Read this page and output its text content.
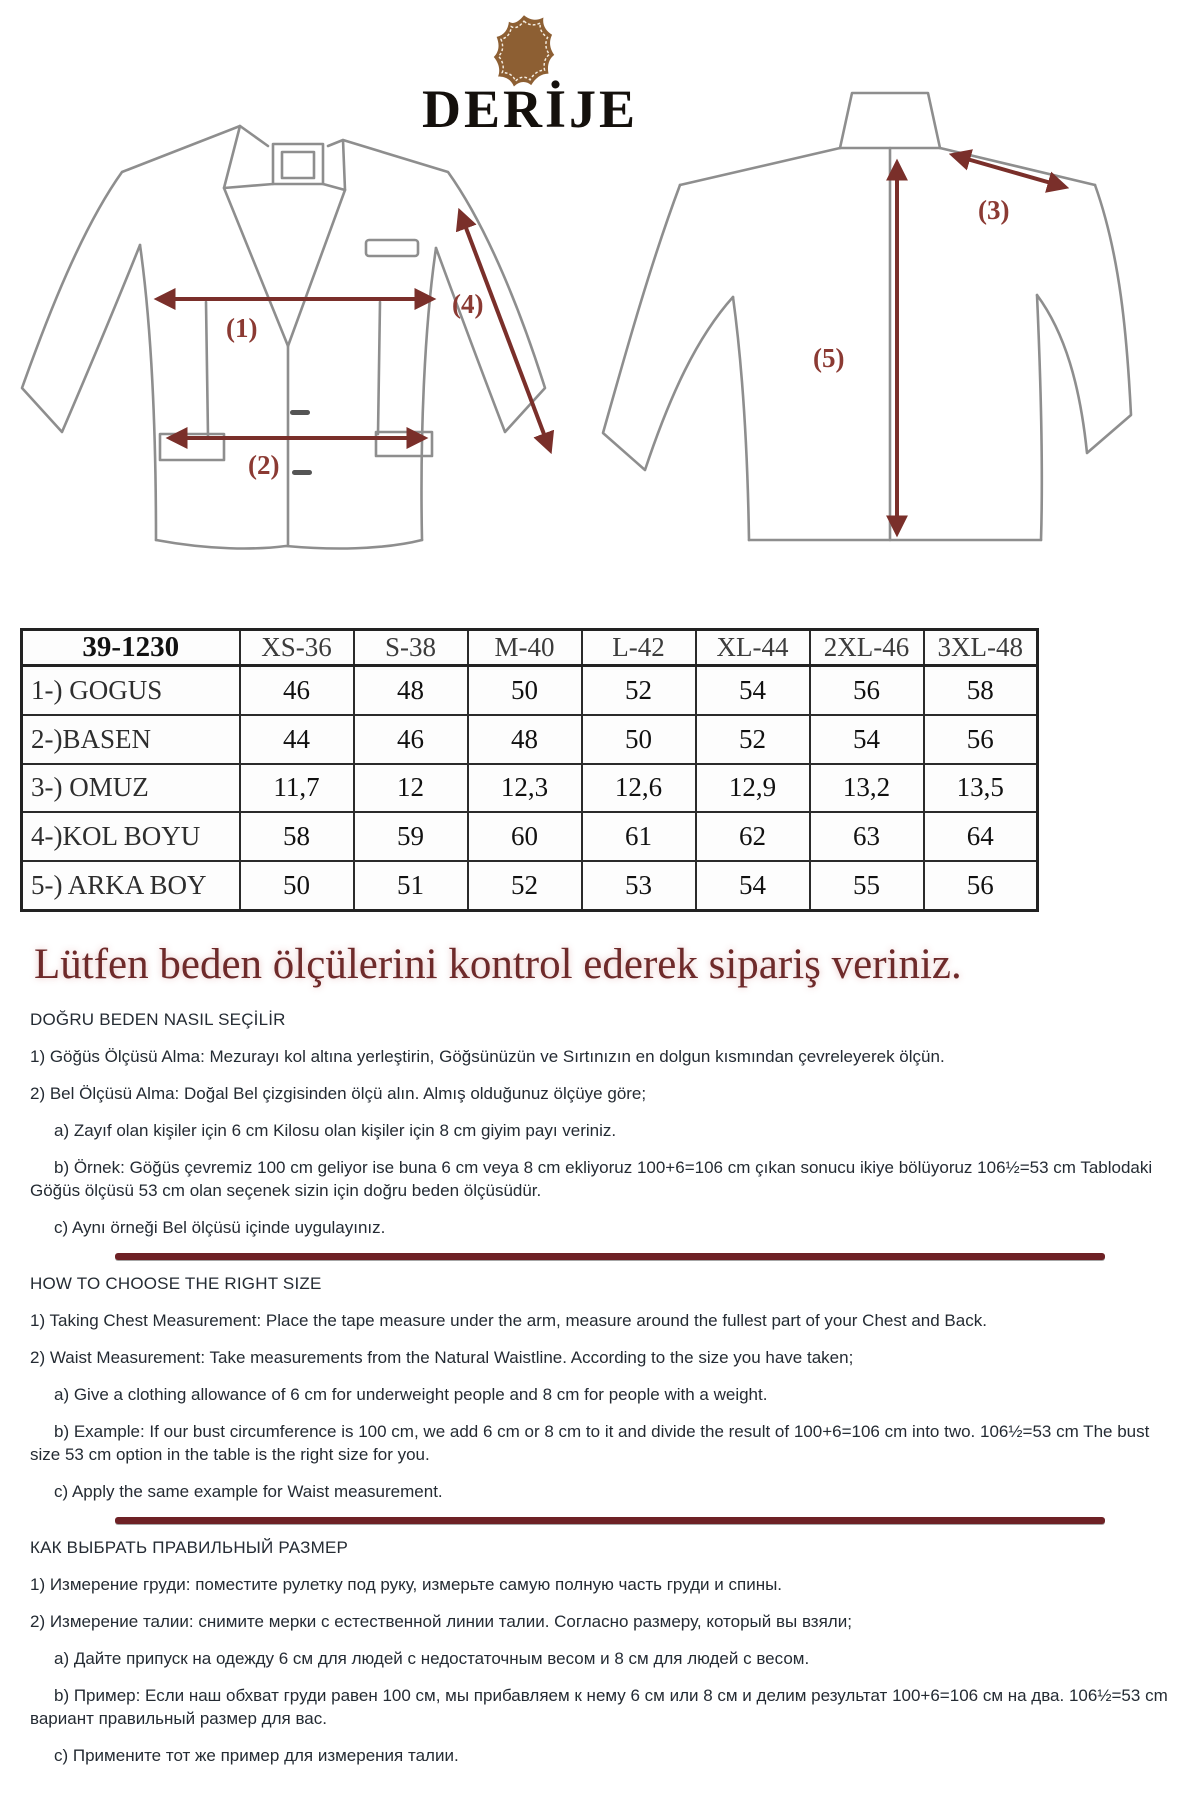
DERİJE
(1)
(2)
(4)
(3)
(5)
39-1230	XS-36	S-38	M-40	L-42	XL-44	2XL-46	3XL-48
1-) GOGUS	46	48	50	52	54	56	58
2-)BASEN	44	46	48	50	52	54	56
3-) OMUZ	11,7	12	12,3	12,6	12,9	13,2	13,5
4-)KOL BOYU	58	59	60	61	62	63	64
5-) ARKA BOY	50	51	52	53	54	55	56
Lütfen beden ölçülerini kontrol ederek sipariş veriniz.

DOĞRU BEDEN NASIL SEÇİLİR

1) Göğüs Ölçüsü Alma: Mezurayı kol altına yerleştirin, Göğsünüzün ve Sırtınızın en dolgun kısmından çevreleyerek ölçün.

2) Bel Ölçüsü Alma: Doğal Bel çizgisinden ölçü alın. Almış olduğunuz ölçüye göre;

a) Zayıf olan kişiler için 6 cm Kilosu olan kişiler için 8 cm giyim payı veriniz.

b) Örnek: Göğüs çevremiz 100 cm geliyor ise buna 6 cm veya 8 cm ekliyoruz 100+6=106 cm çıkan sonucu ikiye bölüyoruz 106½=53 cm Tablodaki Göğüs ölçüsü 53 cm olan seçenek sizin için doğru beden ölçüsüdür.

c) Aynı örneği Bel ölçüsü içinde uygulayınız.

HOW TO CHOOSE THE RIGHT SIZE

1) Taking Chest Measurement: Place the tape measure under the arm, measure around the fullest part of your Chest and Back.

2) Waist Measurement: Take measurements from the Natural Waistline. According to the size you have taken;

a) Give a clothing allowance of 6 cm for underweight people and 8 cm for people with a weight.

b) Example: If our bust circumference is 100 cm, we add 6 cm or 8 cm to it and divide the result of 100+6=106 cm into two. 106½=53 cm The bust size 53 cm option in the table is the right size for you.

c) Apply the same example for Waist measurement.

КАК ВЫБРАТЬ ПРАВИЛЬНЫЙ РАЗМЕР

1) Измерение груди: поместите рулетку под руку, измерьте самую полную часть груди и спины.

2) Измерение талии: снимите мерки с естественной линии талии. Согласно размеру, который вы взяли;

а) Дайте припуск на одежду 6 см для людей с недостаточным весом и 8 см для людей с весом.

b) Пример: Если наш обхват груди равен 100 см, мы прибавляем к нему 6 см или 8 см и делим результат 100+6=106 см на два. 106½=53 cm вариант правильный размер для вас.

c) Примените тот же пример для измерения талии.
